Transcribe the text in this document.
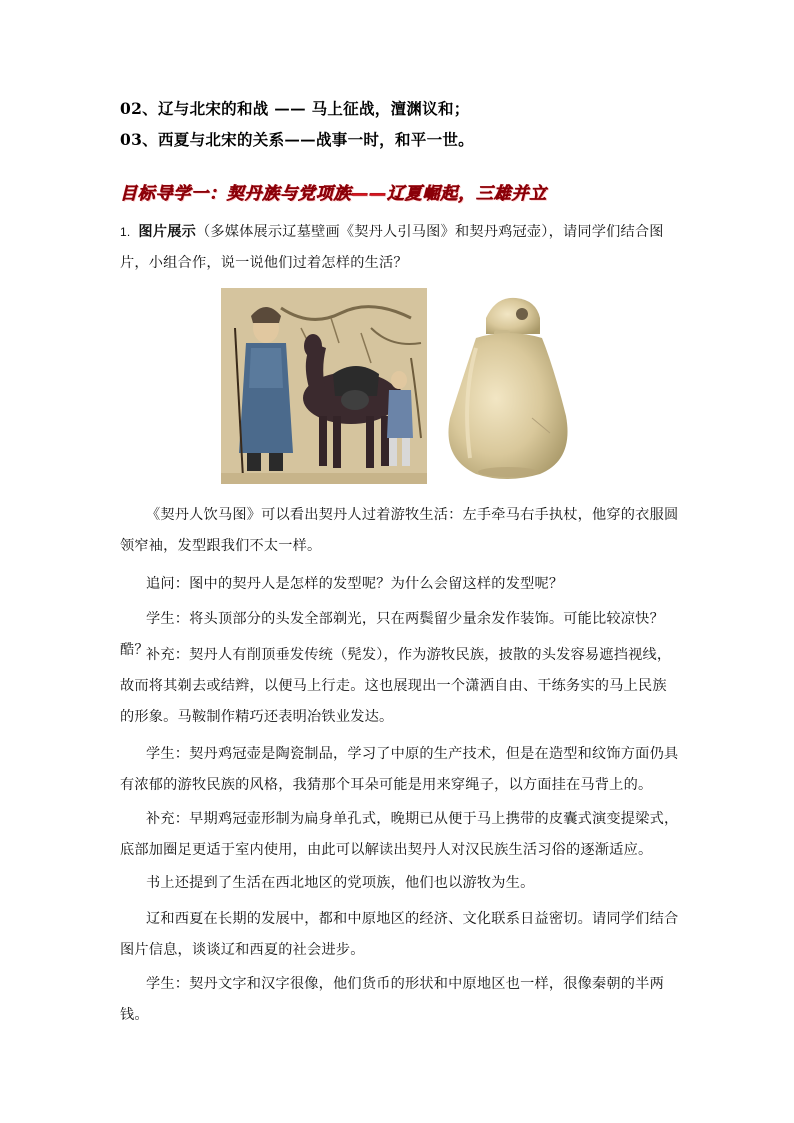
02、辽与北宋的和战 —— 马上征战，澶渊议和；
03、西夏与北宋的关系——战事一时，和平一世。
目标导学一：契丹族与党项族——辽夏崛起，三雄并立
1. 图片展示（多媒体展示辽墓壁画《契丹人引马图》和契丹鸡冠壶），请同学们结合图片，小组合作，说一说他们过着怎样的生活？
《契丹人饮马图》可以看出契丹人过着游牧生活：左手牵马右手执杖，他穿的衣服圆领窄袖，发型跟我们不太一样。
追问：图中的契丹人是怎样的发型呢？为什么会留这样的发型呢？
学生：将头顶部分的头发全部剃光，只在两鬓留少量余发作装饰。可能比较凉快？酷？
补充：契丹人有削顶垂发传统（髡发），作为游牧民族，披散的头发容易遮挡视线，故而将其剃去或结辫，以便马上行走。这也展现出一个潇洒自由、干练务实的马上民族的形象。马鞍制作精巧还表明冶铁业发达。
学生：契丹鸡冠壶是陶瓷制品，学习了中原的生产技术，但是在造型和纹饰方面仍具有浓郁的游牧民族的风格，我猜那个耳朵可能是用来穿绳子，以方面挂在马背上的。
补充：早期鸡冠壶形制为扁身单孔式，晚期已从便于马上携带的皮囊式演变提梁式，底部加圈足更适于室内使用，由此可以解读出契丹人对汉民族生活习俗的逐渐适应。
书上还提到了生活在西北地区的党项族，他们也以游牧为生。
辽和西夏在长期的发展中，都和中原地区的经济、文化联系日益密切。请同学们结合图片信息，谈谈辽和西夏的社会进步。
学生：契丹文字和汉字很像，他们货币的形状和中原地区也一样，很像秦朝的半两钱。
